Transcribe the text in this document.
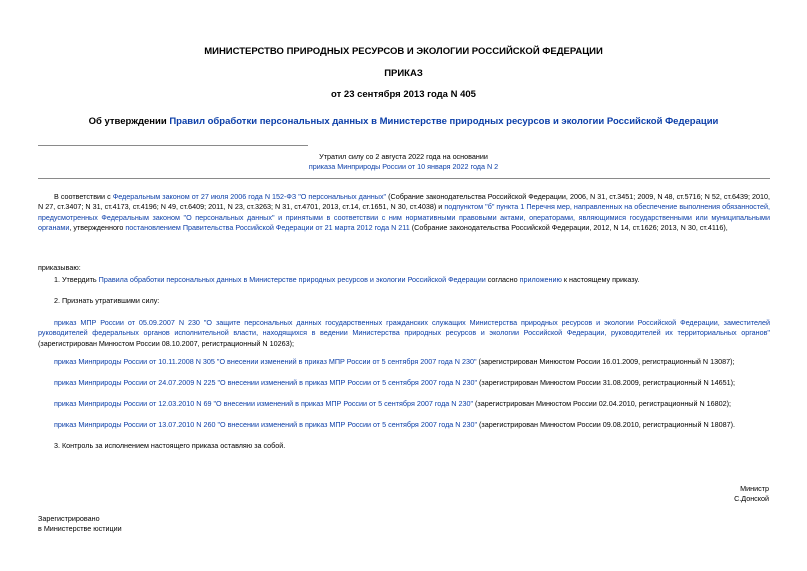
МИНИСТЕРСТВО ПРИРОДНЫХ РЕСУРСОВ И ЭКОЛОГИИ РОССИЙСКОЙ ФЕДЕРАЦИИ
ПРИКАЗ
от 23 сентября 2013 года N 405
Об утверждении Правил обработки персональных данных в Министерстве природных ресурсов и экологии Российской Федерации
Утратил силу со 2 августа 2022 года на основании
приказа Минприроды России от 10 января 2022 года N 2
В соответствии с Федеральным законом от 27 июля 2006 года N 152-ФЗ "О персональных данных" (Собрание законодательства Российской Федерации, 2006, N 31, ст.3451; 2009, N 48, ст.5716; N 52, ст.6439; 2010, N 27, ст.3407; N 31, ст.4173, ст.4196; N 49, ст.6409; 2011, N 23, ст.3263; N 31, ст.4701, 2013, ст.14, ст.1651, N 30, ст.4038) и подпунктом "б" пункта 1 Перечня мер, направленных на обеспечение выполнения обязанностей, предусмотренных Федеральным законом "О персональных данных" и принятыми в соответствии с ним нормативными правовыми актами, операторами, являющимися государственными или муниципальными органами, утвержденного постановлением Правительства Российской Федерации от 21 марта 2012 года N 211 (Собрание законодательства Российской Федерации, 2012, N 14, ст.1626; 2013, N 30, ст.4116),
приказываю:
1. Утвердить Правила обработки персональных данных в Министерстве природных ресурсов и экологии Российской Федерации согласно приложению к настоящему приказу.
2. Признать утратившими силу:
приказ МПР России от 05.09.2007 N 230 "О защите персональных данных государственных гражданских служащих Министерства природных ресурсов и экологии Российской Федерации, заместителей руководителей федеральных органов исполнительной власти, находящихся в ведении Министерства природных ресурсов и экологии Российской Федерации, руководителей их территориальных органов" (зарегистрирован Минюстом России 08.10.2007, регистрационный N 10263);
приказ Минприроды России от 10.11.2008 N 305 "О внесении изменений в приказ МПР России от 5 сентября 2007 года N 230" (зарегистрирован Минюстом России 16.01.2009, регистрационный N 13087);
приказ Минприроды России от 24.07.2009 N 225 "О внесении изменений в приказ МПР России от 5 сентября 2007 года N 230" (зарегистрирован Минюстом России 31.08.2009, регистрационный N 14651);
приказ Минприроды России от 12.03.2010 N 69 "О внесении изменений в приказ МПР России от 5 сентября 2007 года N 230" (зарегистрирован Минюстом России 02.04.2010, регистрационный N 16802);
приказ Минприроды России от 13.07.2010 N 260 "О внесении изменений в приказ МПР России от 5 сентября 2007 года N 230" (зарегистрирован Минюстом России 09.08.2010, регистрационный N 18087).
3. Контроль за исполнением настоящего приказа оставляю за собой.
Министр
С.Донской
Зарегистрировано
в Министерстве юстиции
